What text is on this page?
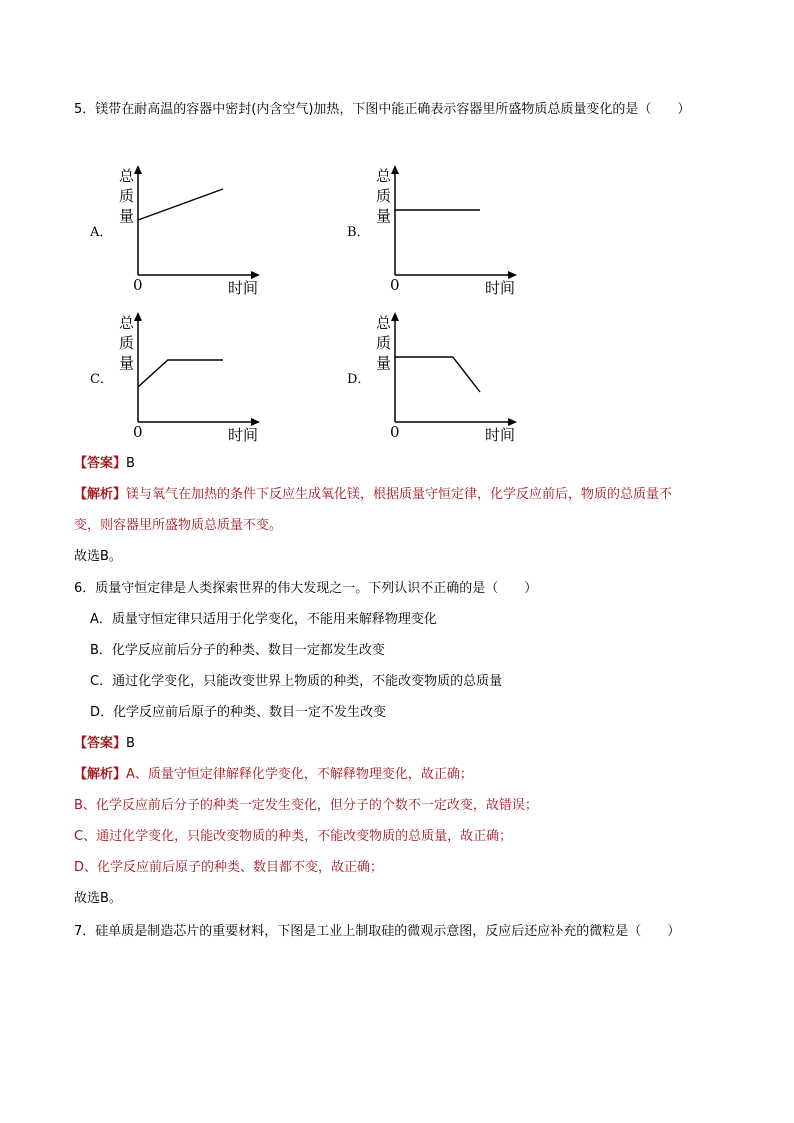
5．镁带在耐高温的容器中密封(内含空气)加热，下图中能正确表示容器里所盛物质总质量变化的是（　　）
A．	B．
C．	D．
总
质
量
0	时间
总
质
量
0	时间
总
质
量
0	时间
总
质
量
0	时间
【答案】B
【解析】镁与氧气在加热的条件下反应生成氧化镁，根据质量守恒定律，化学反应前后，物质的总质量不
变，则容器里所盛物质总质量不变。
故选B。
6．质量守恒定律是人类探索世界的伟大发现之一。下列认识不正确的是（　　）
A．质量守恒定律只适用于化学变化，不能用来解释物理变化
B．化学反应前后分子的种类、数目一定都发生改变
C．通过化学变化，只能改变世界上物质的种类，不能改变物质的总质量
D．化学反应前后原子的种类、数目一定不发生改变
【答案】B
【解析】A、质量守恒定律解释化学变化，不解释物理变化，故正确；
B、化学反应前后分子的种类一定发生变化，但分子的个数不一定改变，故错误；
C、通过化学变化，只能改变物质的种类，不能改变物质的总质量，故正确；
D、化学反应前后原子的种类、数目都不变，故正确；
故选B。
7．硅单质是制造芯片的重要材料，下图是工业上制取硅的微观示意图，反应后还应补充的微粒是（　　）
